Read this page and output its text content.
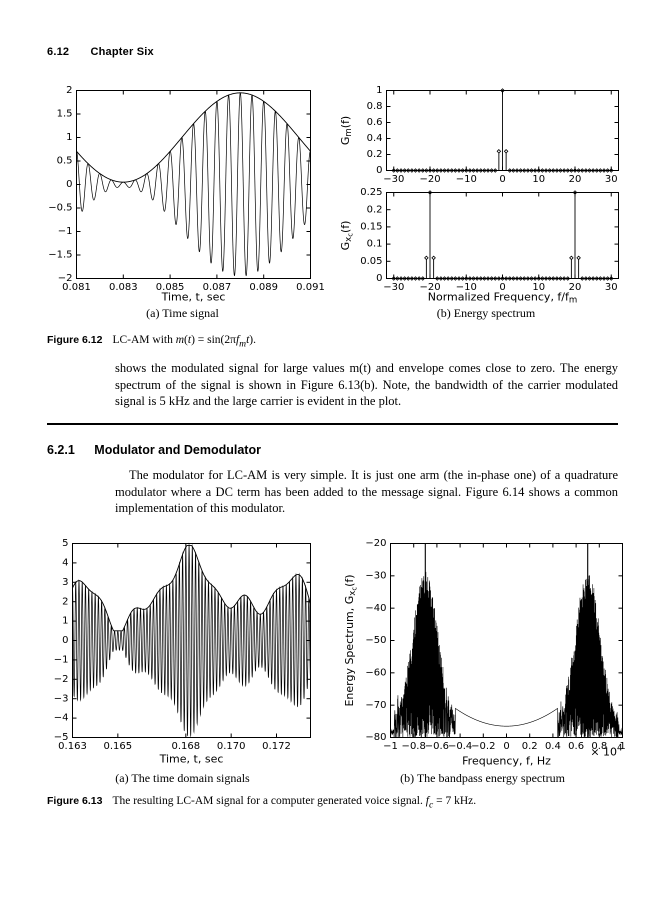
6.12 Chapter Six
(a) Time signal	(b) Energy spectrum
Figure 6.12 LC-AM with $m(t) = \sin(2\pi f_mt)$.

shows the modulated signal for large values m(t) and envelope comes close to zero. The energy spectrum of the signal is shown in Figure 6.13(b). Note, the bandwidth of the carrier modulated signal is 5 kHz and the large carrier is evident in the plot.

6.2.1 Modulator and Demodulator

The modulator for LC-AM is very simple. It is just one arm (the in-phase one) of a quadrature modulator where a DC term has been added to the message signal. Figure 6.14 shows a common implementation of this modulator.

(a) The time domain signals	(b) The bandpass energy spectrum
Figure 6.13 The resulting LC-AM signal for a computer generated voice signal. $f_c = 7$ kHz.
